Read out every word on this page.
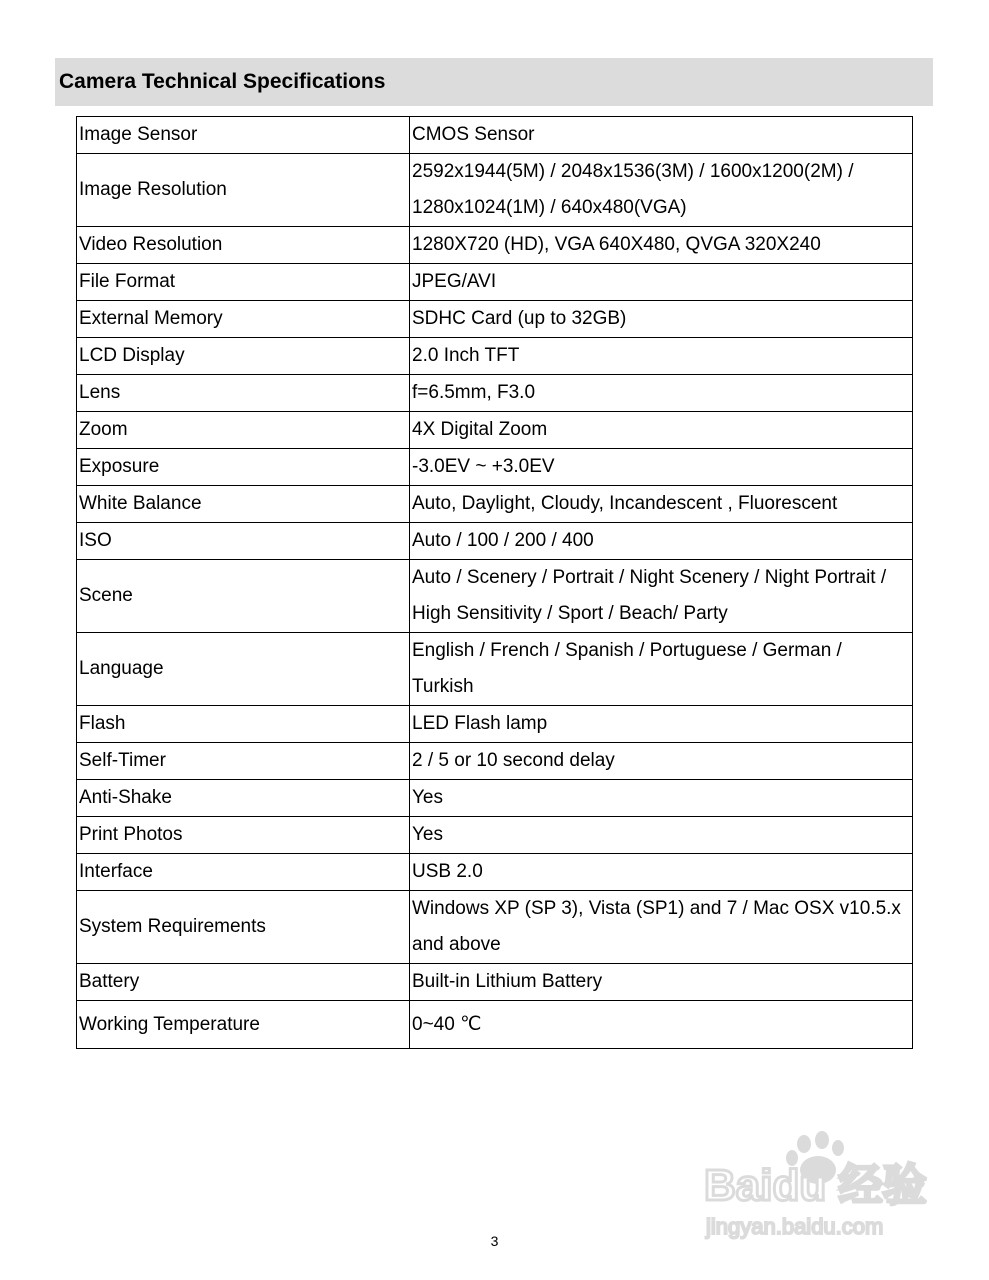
Camera Technical Specifications
Image Sensor	CMOS Sensor

Image Resolution	2592x1944(5M) / 2048x1536(3M) / 1600x1200(2M) /
1280x1024(1M) / 640x480(VGA)

Video Resolution	1280X720 (HD), VGA 640X480, QVGA 320X240

File Format	JPEG/AVI

External Memory	SDHC Card (up to 32GB)

LCD Display	2.0 Inch TFT

Lens	f=6.5mm, F3.0

Zoom	4X Digital Zoom

Exposure	-3.0EV ~ +3.0EV

White Balance	Auto, Daylight, Cloudy, Incandescent , Fluorescent

ISO	Auto / 100 / 200 / 400

Scene	Auto / Scenery / Portrait / Night Scenery / Night Portrait /
High Sensitivity / Sport / Beach/ Party

Language	English / French / Spanish / Portuguese / German /
Turkish

Flash	LED Flash lamp

Self-Timer	2 / 5 or 10 second delay

Anti-Shake	Yes

Print Photos	Yes

Interface	USB 2.0

System Requirements	Windows XP (SP 3), Vista (SP1) and 7 / Mac OSX v10.5.x
and above

Battery	Built-in Lithium Battery

Working Temperature	0~40 ℃
3
Baidu 经验
jingyan.baidu.com
